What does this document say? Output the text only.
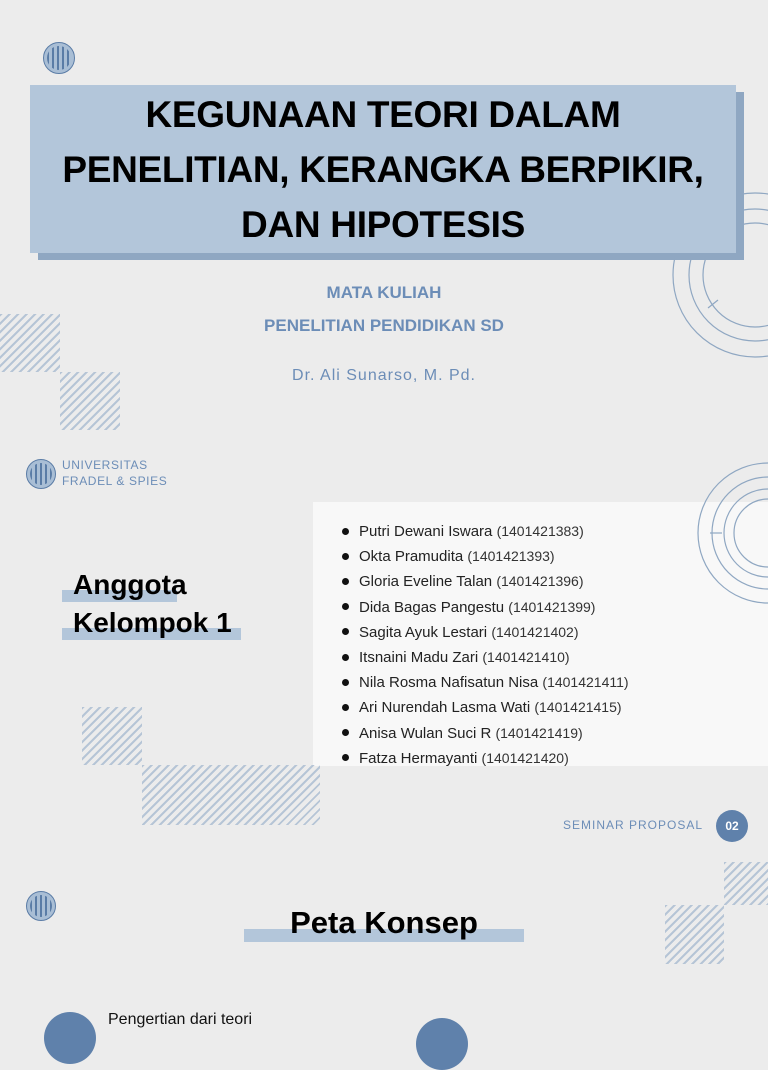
KEGUNAAN TEORI DALAM
PENELITIAN, KERANGKA BERPIKIR,
DAN HIPOTESIS
MATA KULIAH
PENELITIAN PENDIDIKAN SD
Dr. Ali Sunarso, M. Pd.
UNIVERSITAS
FRADEL & SPIES
Putri Dewani Iswara (1401421383)
Okta Pramudita (1401421393)
Gloria Eveline Talan (1401421396)
Dida Bagas Pangestu (1401421399)
Sagita Ayuk Lestari (1401421402)
Itsnaini Madu Zari (1401421410)
Nila Rosma Nafisatun Nisa (1401421411)
Ari Nurendah Lasma Wati (1401421415)
Anisa Wulan Suci R (1401421419)
Fatza Hermayanti (1401421420)
Anggota
Kelompok 1
SEMINAR PROPOSAL	02
Peta Konsep
Pengertian dari teori
